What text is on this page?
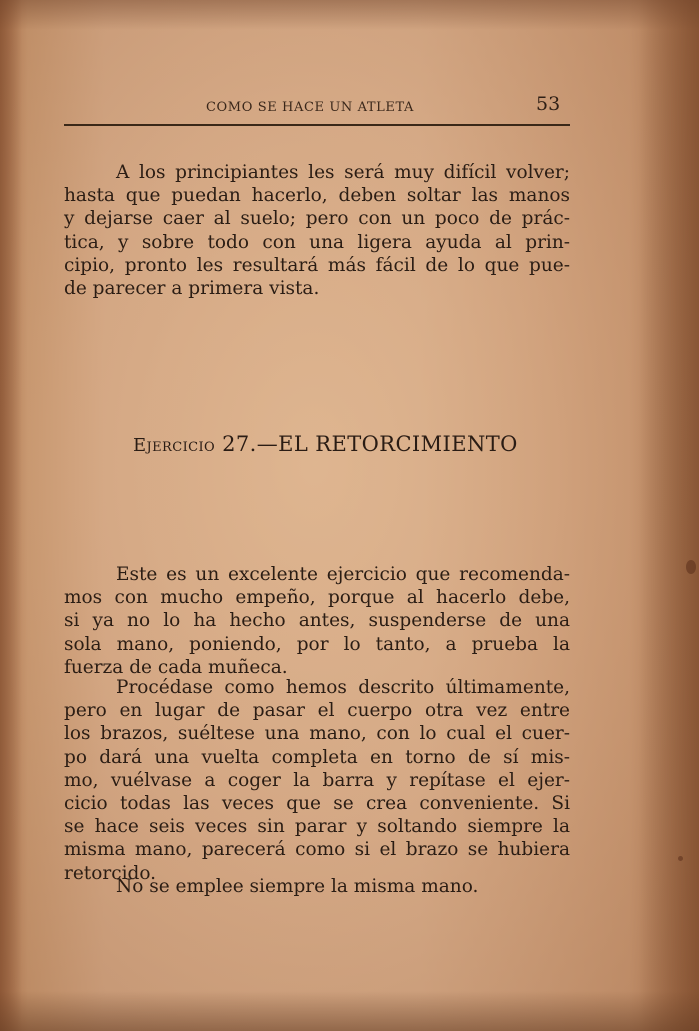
COMO SE HACE UN ATLETA	53

A los principiantes les será muy difícil volver;
hasta que puedan hacerlo, deben soltar las manos
y dejarse caer al suelo; pero con un poco de prác-
tica, y sobre todo con una ligera ayuda al prin-
cipio, pronto les resultará más fácil de lo que pue-
de parecer a primera vista.

Ejercicio 27.—EL RETORCIMIENTO

Este es un excelente ejercicio que recomenda-
mos con mucho empeño, porque al hacerlo debe,
si ya no lo ha hecho antes, suspenderse de una
sola mano, poniendo, por lo tanto, a prueba la
fuerza de cada muñeca.

Procédase como hemos descrito últimamente,
pero en lugar de pasar el cuerpo otra vez entre
los brazos, suéltese una mano, con lo cual el cuer-
po dará una vuelta completa en torno de sí mis-
mo, vuélvase a coger la barra y repítase el ejer-
cicio todas las veces que se crea conveniente. Si
se hace seis veces sin parar y soltando siempre la
misma mano, parecerá como si el brazo se hubiera
retorcido.

No se emplee siempre la misma mano.
